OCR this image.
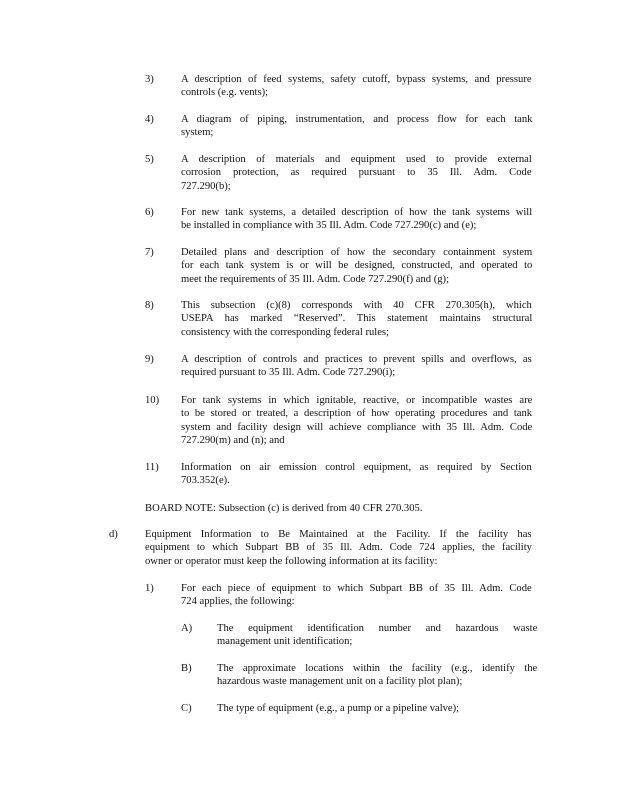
3)	A description of feed systems, safety cutoff, bypass systems, and pressure
controls (e.g. vents);
4)	A diagram of piping, instrumentation, and process flow for each tank
system;
5)	A description of materials and equipment used to provide external
corrosion protection, as required pursuant to 35 Ill. Adm. Code
727.290(b);
6)	For new tank systems, a detailed description of how the tank systems will
be installed in compliance with 35 Ill. Adm. Code 727.290(c) and (e);
7)	Detailed plans and description of how the secondary containment system
for each tank system is or will be designed, constructed, and operated to
meet the requirements of 35 Ill. Adm. Code 727.290(f) and (g);
8)	This subsection (c)(8) corresponds with 40 CFR 270.305(h), which
USEPA has marked “Reserved”. This statement maintains structural
consistency with the corresponding federal rules;
9)	A description of controls and practices to prevent spills and overflows, as
required pursuant to 35 Ill. Adm. Code 727.290(i);
10) For tank systems in which ignitable, reactive, or incompatible wastes are
to be stored or treated, a description of how operating procedures and tank
system and facility design will achieve compliance with 35 Ill. Adm. Code
727.290(m) and (n); and
11) Information on air emission control equipment, as required by Section
703.352(e).
BOARD NOTE: Subsection (c) is derived from 40 CFR 270.305.
d)	Equipment Information to Be Maintained at the Facility. If the facility has
equipment to which Subpart BB of 35 Ill. Adm. Code 724 applies, the facility
owner or operator must keep the following information at its facility:
1)	For each piece of equipment to which Subpart BB of 35 Ill. Adm. Code
724 applies, the following:
A) The equipment identification number and hazardous waste
management unit identification;
B) The approximate locations within the facility (e.g., identify the
hazardous waste management unit on a facility plot plan);
C) The type of equipment (e.g., a pump or a pipeline valve);
